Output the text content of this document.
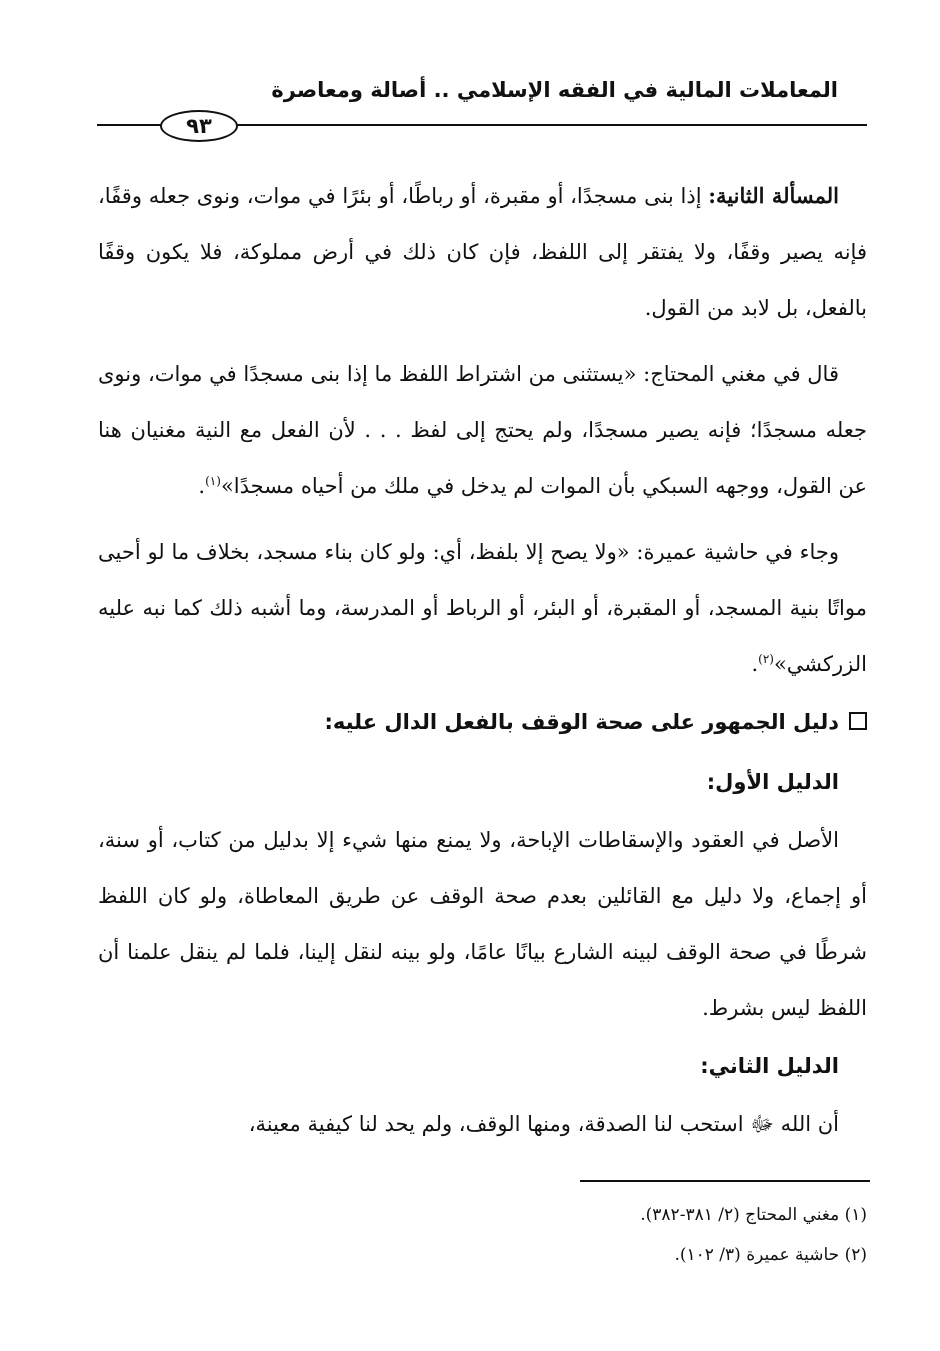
المعاملات المالية في الفقه الإسلامي .. أصالة ومعاصرة
٩٣

المسألة الثانية: إذا بنى مسجدًا، أو مقبرة، أو رباطًا، أو بئرًا في موات، ونوى جعله وقفًا، فإنه يصير وقفًا، ولا يفتقر إلى اللفظ، فإن كان ذلك في أرض مملوكة، فلا يكون وقفًا بالفعل، بل لابد من القول.

قال في مغني المحتاج: «يستثنى من اشتراط اللفظ ما إذا بنى مسجدًا في موات، ونوى جعله مسجدًا؛ فإنه يصير مسجدًا، ولم يحتج إلى لفظ . . . لأن الفعل مع النية مغنيان هنا عن القول، ووجهه السبكي بأن الموات لم يدخل في ملك من أحياه مسجدًا»$^{(١)}$.

وجاء في حاشية عميرة: «ولا يصح إلا بلفظ، أي: ولو كان بناء مسجد، بخلاف ما لو أحيى مواتًا بنية المسجد، أو المقبرة، أو البئر، أو الرباط أو المدرسة، وما أشبه ذلك كما نبه عليه الزركشي»$^{(٢)}$.

دليل الجمهور على صحة الوقف بالفعل الدال عليه:

الدليل الأول:

الأصل في العقود والإسقاطات الإباحة، ولا يمنع منها شيء إلا بدليل من كتاب، أو سنة، أو إجماع، ولا دليل مع القائلين بعدم صحة الوقف عن طريق المعاطاة، ولو كان اللفظ شرطًا في صحة الوقف لبينه الشارع بيانًا عامًا، ولو بينه لنقل إلينا، فلما لم ينقل علمنا أن اللفظ ليس بشرط.

الدليل الثاني:

أن الله ﷻ استحب لنا الصدقة، ومنها الوقف، ولم يحد لنا كيفية معينة،

(١) مغني المحتاج (٢/ ٣٨١-٣٨٢).
(٢) حاشية عميرة (٣/ ١٠٢).
